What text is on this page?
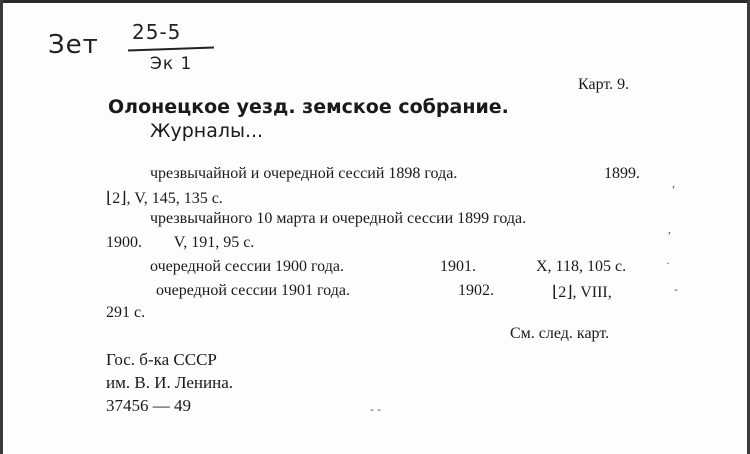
Зет 25-5
Эк 1
Карт. 9.
Олонецкое уезд. земское собрание.
Журналы...
чрезвычайной и очередной сессий 1898 года.	1899.
⌊2⌋, V, 145, 135 с.
чрезвычайного 10 марта и очередной сессии 1899 года.
1900.        V, 191, 95 с.
очередной сессии 1900 года.	1901.	X, 118, 105 с.
очередной сессии 1901 года.	1902.	⌊2⌋, VIII,
291 с.
См. след. карт.
Гос. б-ка СССР
им. В. И. Ленина.
37456 — 49
,
,
·
-
- -
